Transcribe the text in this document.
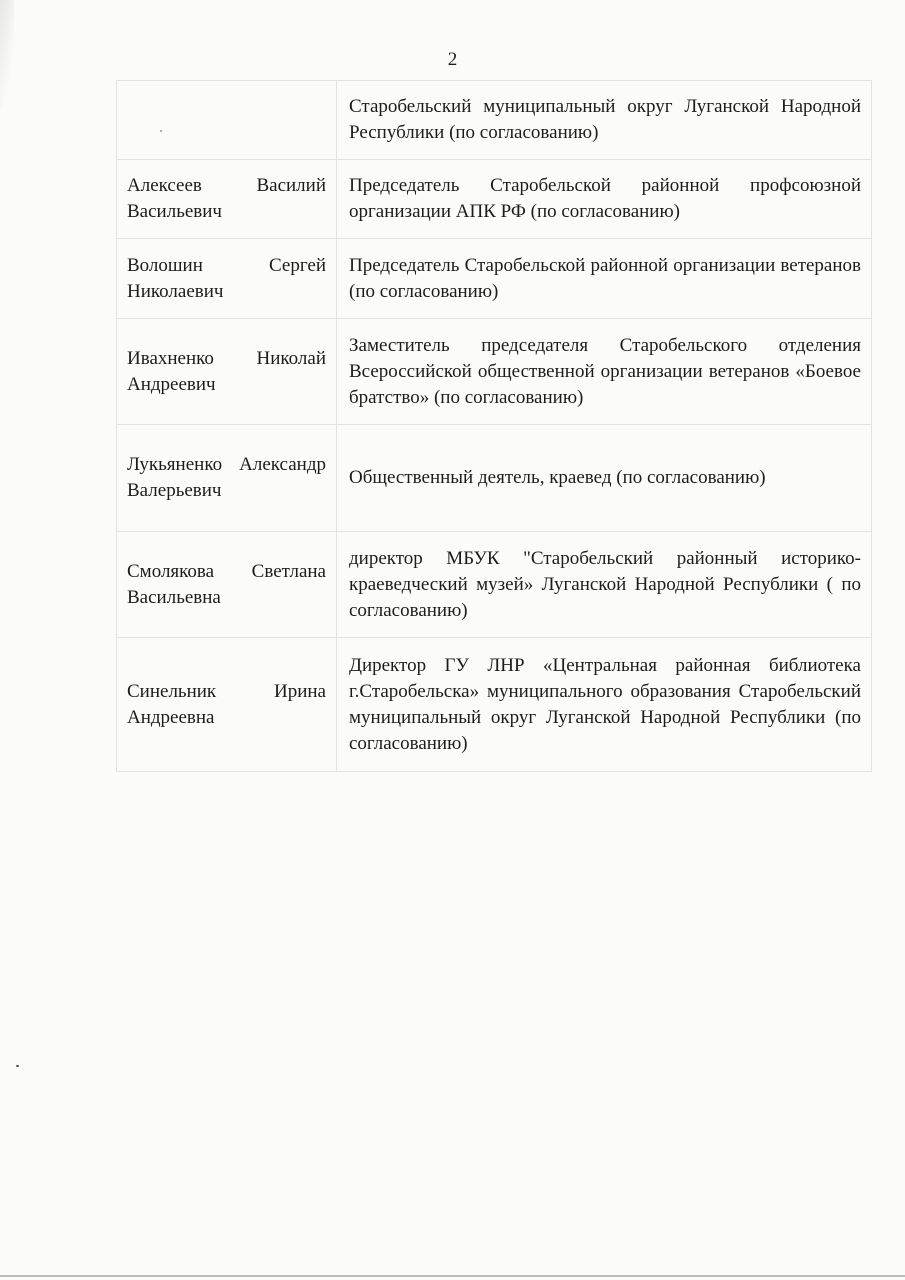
2

	Старобельский муниципальный округ Луганской Народной Республики (по согласованию)

Алексеев Василий Васильевич	Председатель Старобельской районной профсоюзной организации АПК РФ (по согласованию)

Волошин Сергей Николаевич	Председатель Старобельской районной организации ветеранов (по согласованию)

Ивахненко Николай Андреевич	Заместитель председателя Старобельского отделения Всероссийской общественной организации ветеранов «Боевое братство» (по согласованию)

Лукьяненко Александр Валерьевич	Общественный деятель, краевед (по согласованию)

Смолякова Светлана Васильевна	директор МБУК "Старобельский районный историко-краеведческий музей» Луганской Народной Республики ( по согласованию)

Синельник Ирина Андреевна	Директор ГУ ЛНР «Центральная районная библиотека г.Старобельска» муниципального образования Старобельский муниципальный округ Луганской Народной Республики (по согласованию)
